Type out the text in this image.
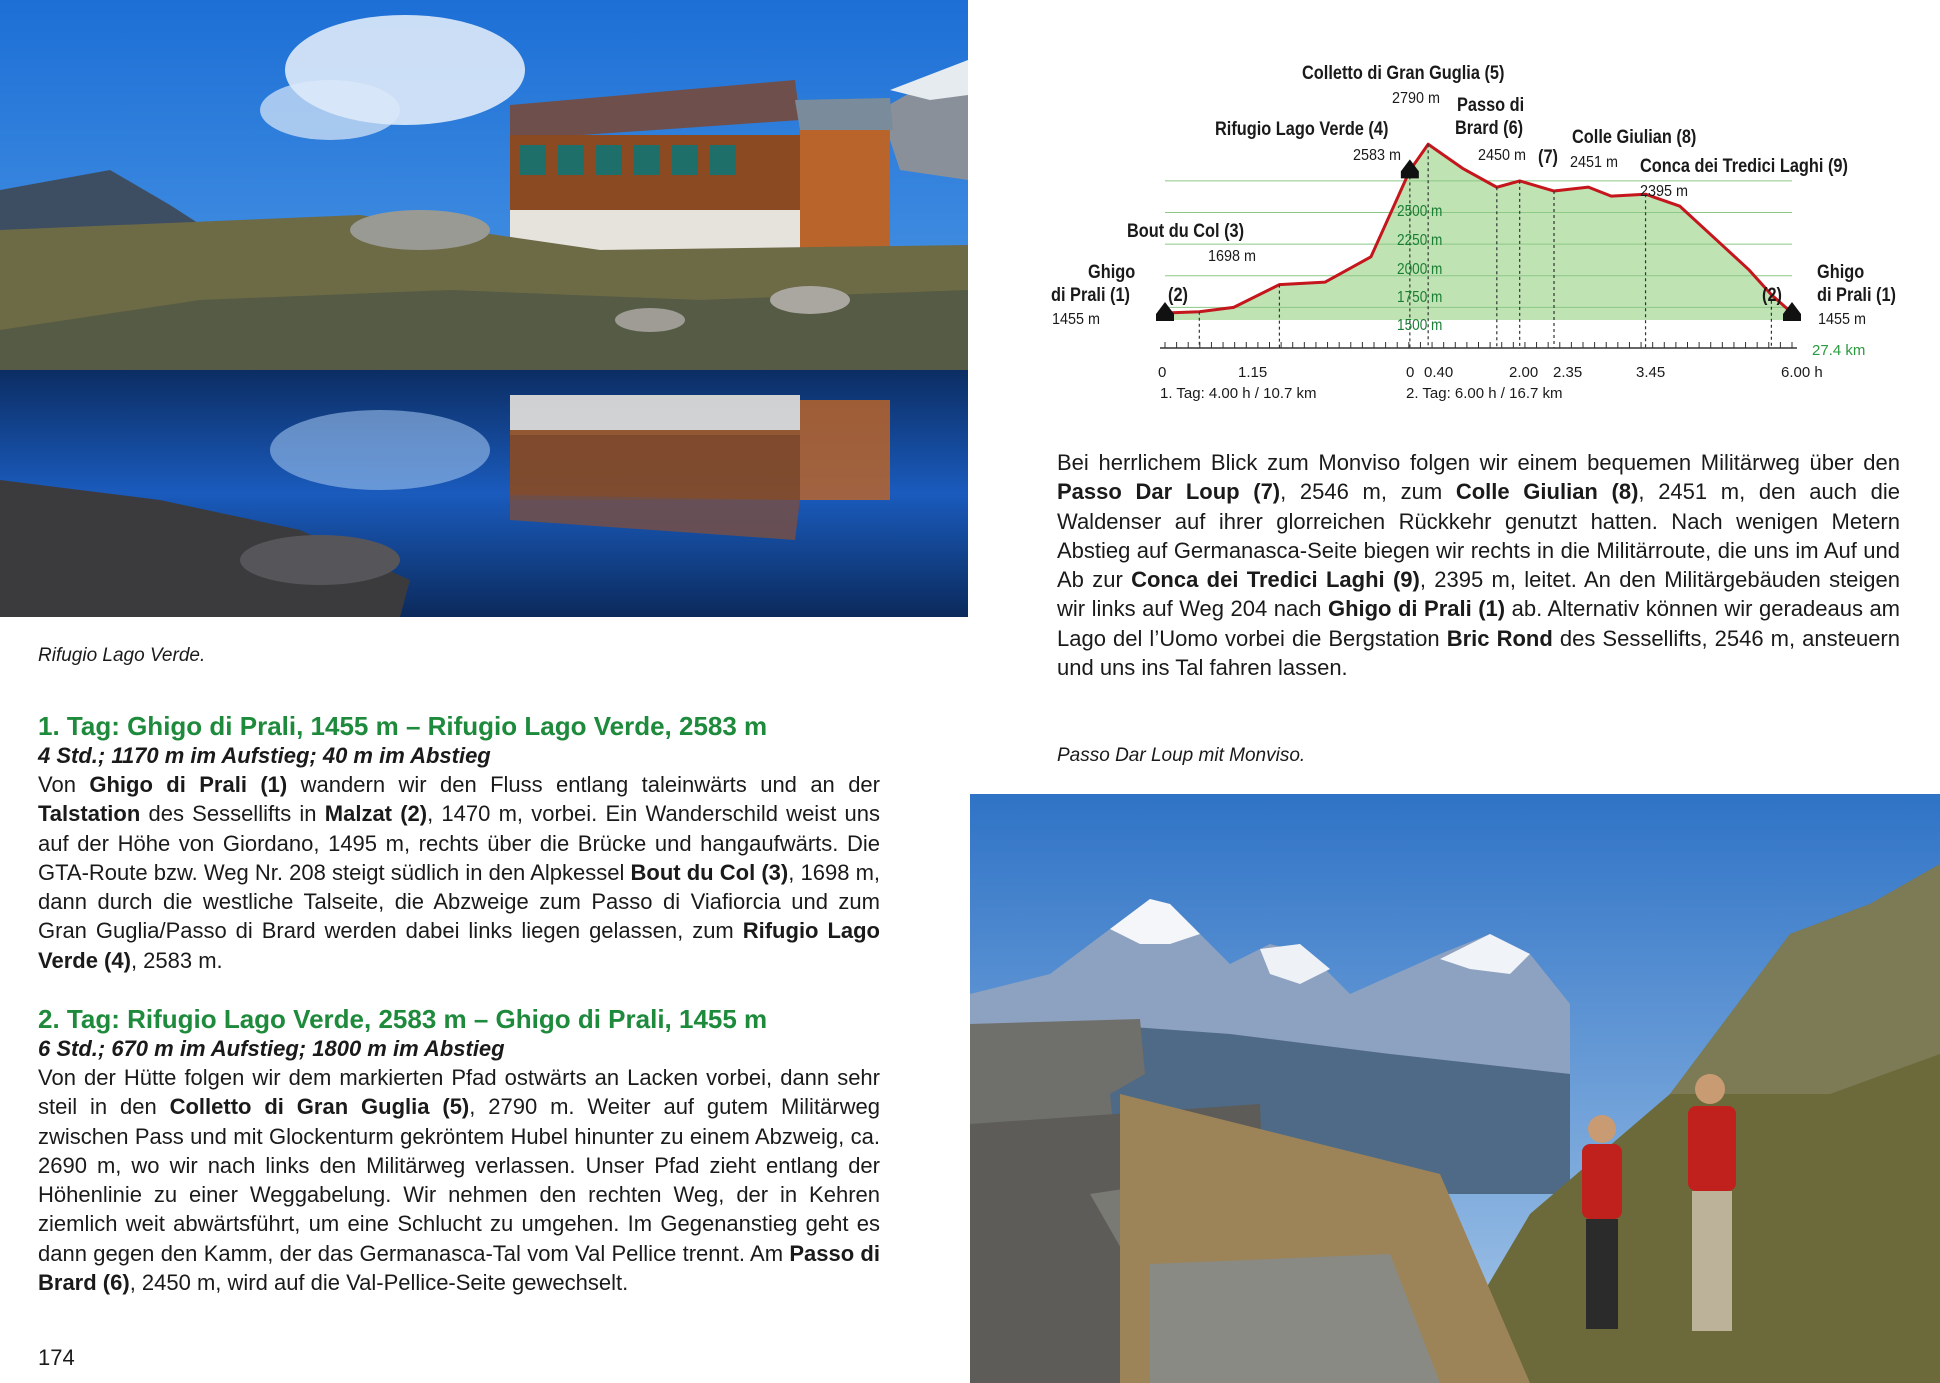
Rifugio Lago Verde.
1. Tag: Ghigo di Prali, 1455 m – Rifugio Lago Verde, 2583 m
4 Std.; 1170 m im Aufstieg; 40 m im Abstieg

Von Ghigo di Prali (1) wandern wir den Fluss entlang taleinwärts und an der Talstation des Sessellifts in Malzat (2), 1470 m, vorbei. Ein Wanderschild weist uns auf der Höhe von Giordano, 1495 m, rechts über die Brücke und hangaufwärts. Die GTA-Route bzw. Weg Nr. 208 steigt südlich in den Alpkessel Bout du Col (3), 1698 m, dann durch die westliche Talseite, die Abzweige zum Passo di Viafiorcia und zum Gran Guglia/Passo di Brard werden dabei links liegen gelassen, zum Rifugio Lago Verde (4), 2583 m.

2. Tag: Rifugio Lago Verde, 2583 m – Ghigo di Prali, 1455 m
6 Std.; 670 m im Aufstieg; 1800 m im Abstieg

Von der Hütte folgen wir dem markierten Pfad ostwärts an Lacken vorbei, dann sehr steil in den Colletto di Gran Guglia (5), 2790 m. Weiter auf gutem Militärweg zwischen Pass und mit Glockenturm gekröntem Hubel hinunter zu einem Abzweig, ca. 2690 m, wo wir nach links den Militärweg verlassen. Unser Pfad zieht entlang der Höhenlinie zu einer Weggabelung. Wir nehmen den rechten Weg, der in Kehren ziemlich weit abwärtsführt, um eine Schlucht zu umgehen. Im Gegenanstieg geht es dann gegen den Kamm, der das Germanasca-Tal vom Val Pellice trennt. Am Passo di Brard (6), 2450 m, wird auf die Val-Pellice-Seite gewechselt.

174
Colletto di Gran Guglia (5)
2790 m Passo di
Brard (6)
2450 m
Rifugio Lago Verde (4)
2583 m	(7) 2451 m
Colle Giulian (8)
Conca dei Tredici Laghi (9)
2395 m
Bout du Col (3)
1698 m
Ghigo
di Prali (1)
1455 m
(2)	(2)
Ghigo
di Prali (1)
1455 m
1500 m
1750 m
2000 m
2250 m
2500 m
27.4 km
0	1.15	0 0.40	2.00 2.35	3.45	6.00 h
1. Tag: 4.00 h / 10.7 km	2. Tag: 6.00 h / 16.7 km

Bei herrlichem Blick zum Monviso folgen wir einem bequemen Militärweg über den Passo Dar Loup (7), 2546 m, zum Colle Giulian (8), 2451 m, den auch die Waldenser auf ihrer glorreichen Rückkehr genutzt hatten. Nach wenigen Metern Abstieg auf Germanasca-Seite biegen wir rechts in die Militärroute, die uns im Auf und Ab zur Conca dei Tredici Laghi (9), 2395 m, leitet. An den Militärgebäuden steigen wir links auf Weg 204 nach Ghigo di Prali (1) ab. Alternativ können wir geradeaus am Lago del l’Uomo vorbei die Bergstation Bric Rond des Sessellifts, 2546 m, ansteuern und uns ins Tal fahren lassen.

Passo Dar Loup mit Monviso.
